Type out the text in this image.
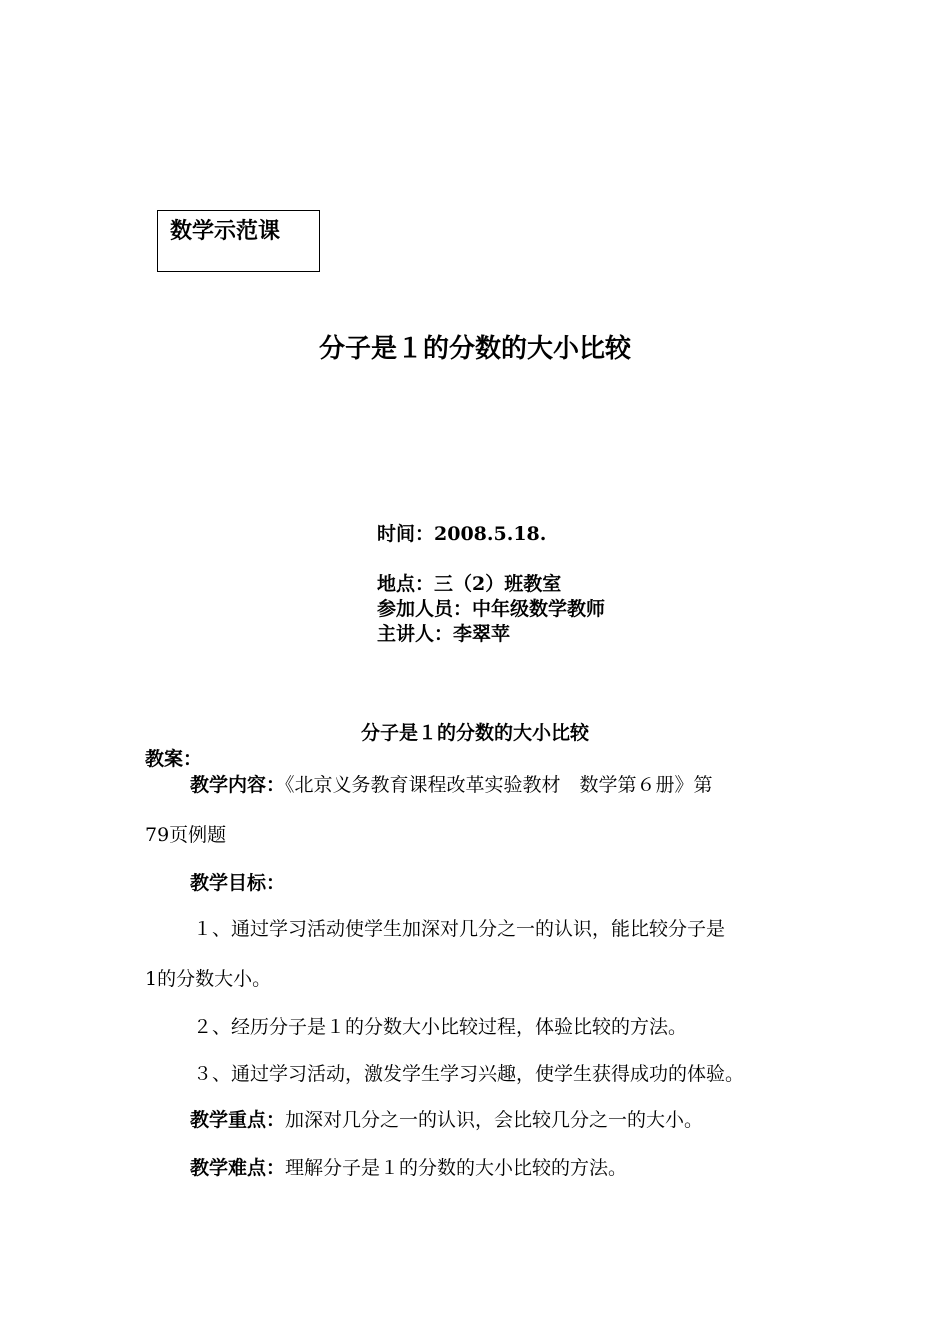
数学示范课
分子是１的分数的大小比较
时间：2008.5.18.
地点：三（2）班教室
参加人员：中年级数学教师
主讲人：李翠苹
分子是１的分数的大小比较
教案：
教学内容：《北京义务教育课程改革实验教材　数学第６册》第
79页例题
教学目标：
１、通过学习活动使学生加深对几分之一的认识，能比较分子是
1的分数大小。
２、经历分子是１的分数大小比较过程，体验比较的方法。
３、通过学习活动，激发学生学习兴趣，使学生获得成功的体验。
教学重点：加深对几分之一的认识，会比较几分之一的大小。
教学难点：理解分子是１的分数的大小比较的方法。
